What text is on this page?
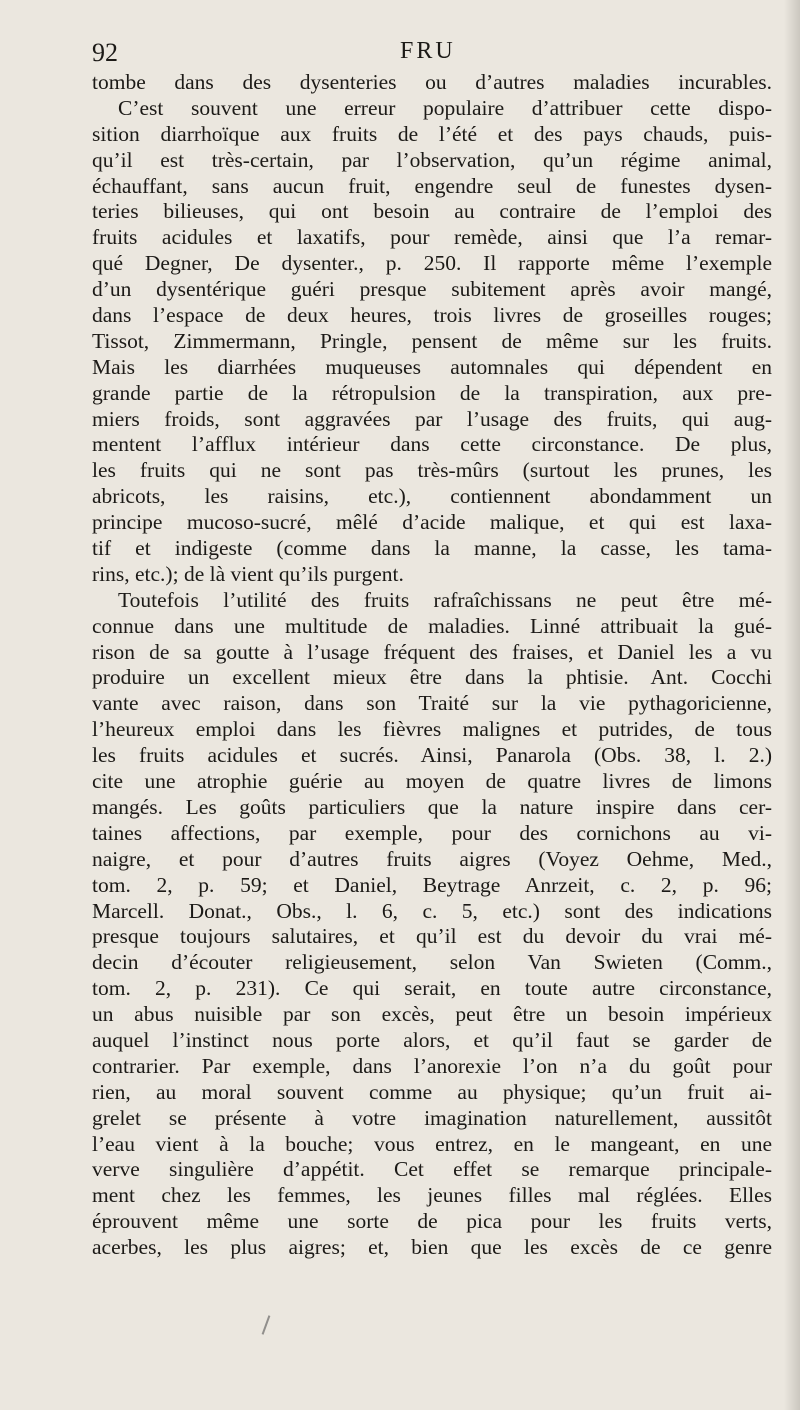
92	FRU
tombe dans des dysenteries ou d’autres maladies incurables.
C’est souvent une erreur populaire d’attribuer cette dispo-
sition diarrhoïque aux fruits de l’été et des pays chauds, puis-
qu’il est très-certain, par l’observation, qu’un régime animal,
échauffant, sans aucun fruit, engendre seul de funestes dysen-
teries bilieuses, qui ont besoin au contraire de l’emploi des
fruits acidules et laxatifs, pour remède, ainsi que l’a remar-
qué Degner, De dysenter., p. 250. Il rapporte même l’exemple
d’un dysentérique guéri presque subitement après avoir mangé,
dans l’espace de deux heures, trois livres de groseilles rouges;
Tissot, Zimmermann, Pringle, pensent de même sur les fruits.
Mais les diarrhées muqueuses automnales qui dépendent en
grande partie de la rétropulsion de la transpiration, aux pre-
miers froids, sont aggravées par l’usage des fruits, qui aug-
mentent l’afflux intérieur dans cette circonstance. De plus,
les fruits qui ne sont pas très-mûrs (surtout les prunes, les
abricots, les raisins, etc.), contiennent abondamment un
principe mucoso-sucré, mêlé d’acide malique, et qui est laxa-
tif et indigeste (comme dans la manne, la casse, les tama-
rins, etc.); de là vient qu’ils purgent.
Toutefois l’utilité des fruits rafraîchissans ne peut être mé-
connue dans une multitude de maladies. Linné attribuait la gué-
rison de sa goutte à l’usage fréquent des fraises, et Daniel les a vu
produire un excellent mieux être dans la phtisie. Ant. Cocchi
vante avec raison, dans son Traité sur la vie pythagoricienne,
l’heureux emploi dans les fièvres malignes et putrides, de tous
les fruits acidules et sucrés. Ainsi, Panarola (Obs. 38, l. 2.)
cite une atrophie guérie au moyen de quatre livres de limons
mangés. Les goûts particuliers que la nature inspire dans cer-
taines affections, par exemple, pour des cornichons au vi-
naigre, et pour d’autres fruits aigres (Voyez Oehme, Med.,
tom. 2, p. 59; et Daniel, Beytrage Anrzeit, c. 2, p. 96;
Marcell. Donat., Obs., l. 6, c. 5, etc.) sont des indications
presque toujours salutaires, et qu’il est du devoir du vrai mé-
decin d’écouter religieusement, selon Van Swieten (Comm.,
tom. 2, p. 231). Ce qui serait, en toute autre circonstance,
un abus nuisible par son excès, peut être un besoin impérieux
auquel l’instinct nous porte alors, et qu’il faut se garder de
contrarier. Par exemple, dans l’anorexie l’on n’a du goût pour
rien, au moral souvent comme au physique; qu’un fruit ai-
grelet se présente à votre imagination naturellement, aussitôt
l’eau vient à la bouche; vous entrez, en le mangeant, en une
verve singulière d’appétit. Cet effet se remarque principale-
ment chez les femmes, les jeunes filles mal réglées. Elles
éprouvent même une sorte de pica pour les fruits verts,
acerbes, les plus aigres; et, bien que les excès de ce genre
